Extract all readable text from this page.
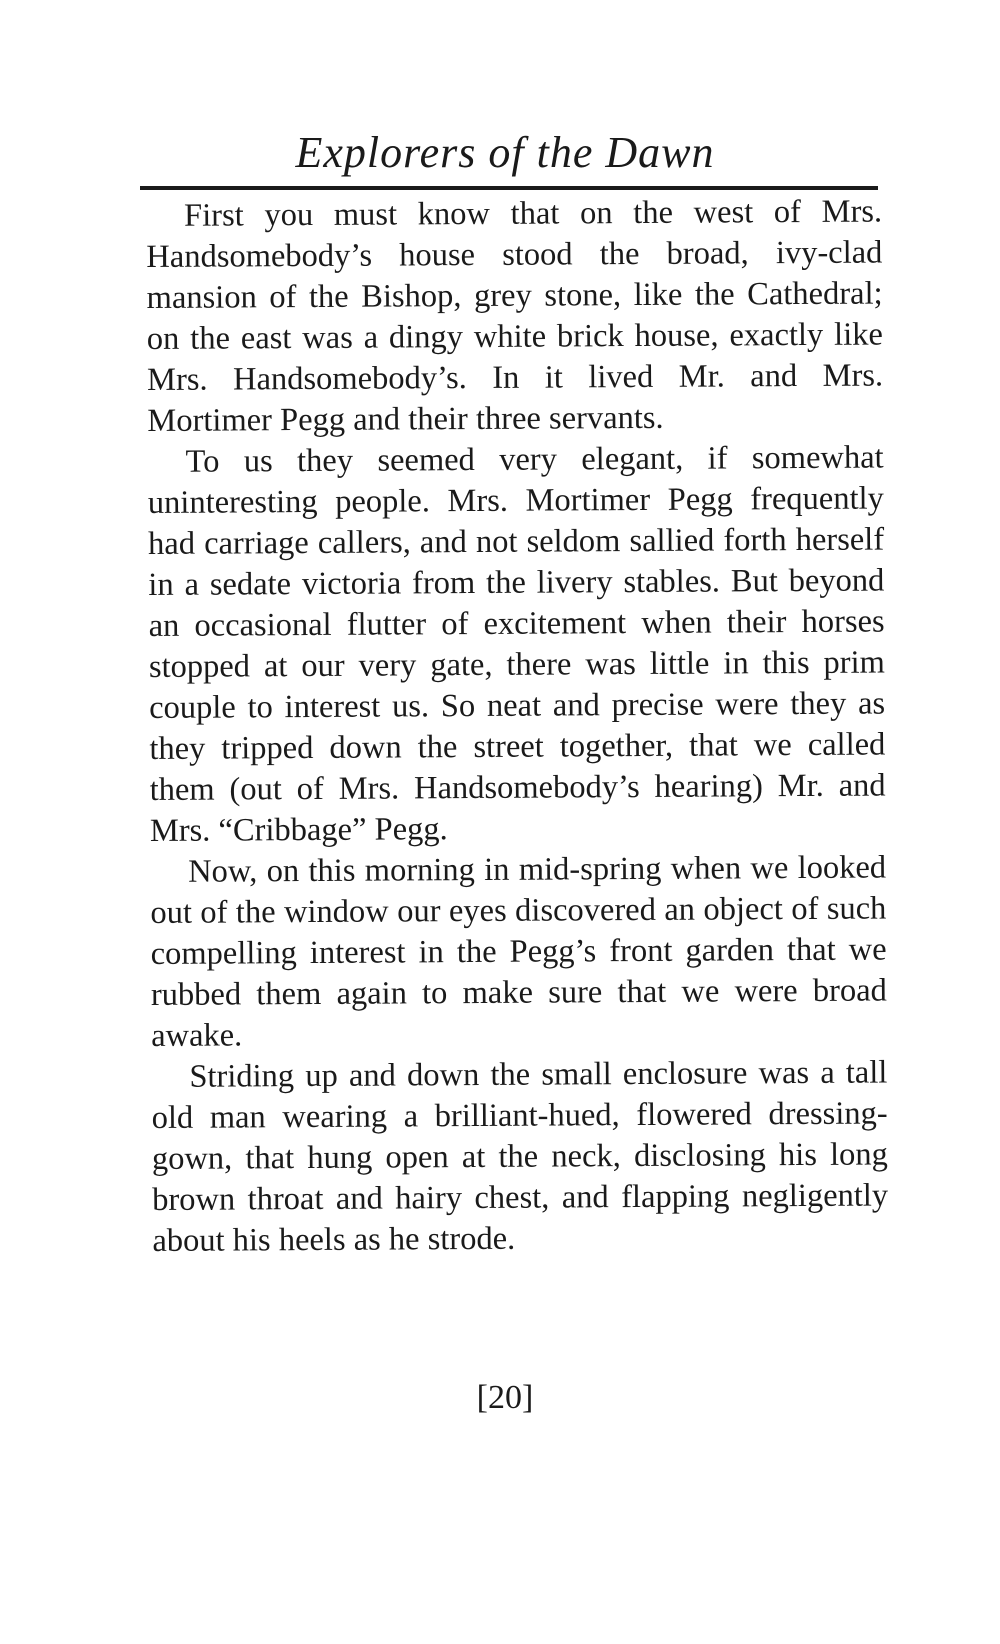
Explorers of the Dawn

First you must know that on the west of Mrs. Handsomebody’s house stood the broad, ivy-clad mansion of the Bishop, grey stone, like the Cathedral; on the east was a dingy white brick house, exactly like Mrs. Handsomebody’s. In it lived Mr. and Mrs. Mortimer Pegg and their three servants.

To us they seemed very elegant, if somewhat uninteresting people. Mrs. Mortimer Pegg frequently had carriage callers, and not seldom sallied forth herself in a sedate victoria from the livery stables. But beyond an occasional flutter of excitement when their horses stopped at our very gate, there was little in this prim couple to interest us. So neat and precise were they as they tripped down the street together, that we called them (out of Mrs. Handsomebody’s hearing) Mr. and Mrs. “Cribbage” Pegg.

Now, on this morning in mid-spring when we looked out of the window our eyes discovered an object of such compelling interest in the Pegg’s front garden that we rubbed them again to make sure that we were broad awake.

Striding up and down the small enclosure was a tall old man wearing a brilliant-hued, flowered dressing-gown, that hung open at the neck, disclosing his long brown throat and hairy chest, and flapping negligently about his heels as he strode.

[20]
